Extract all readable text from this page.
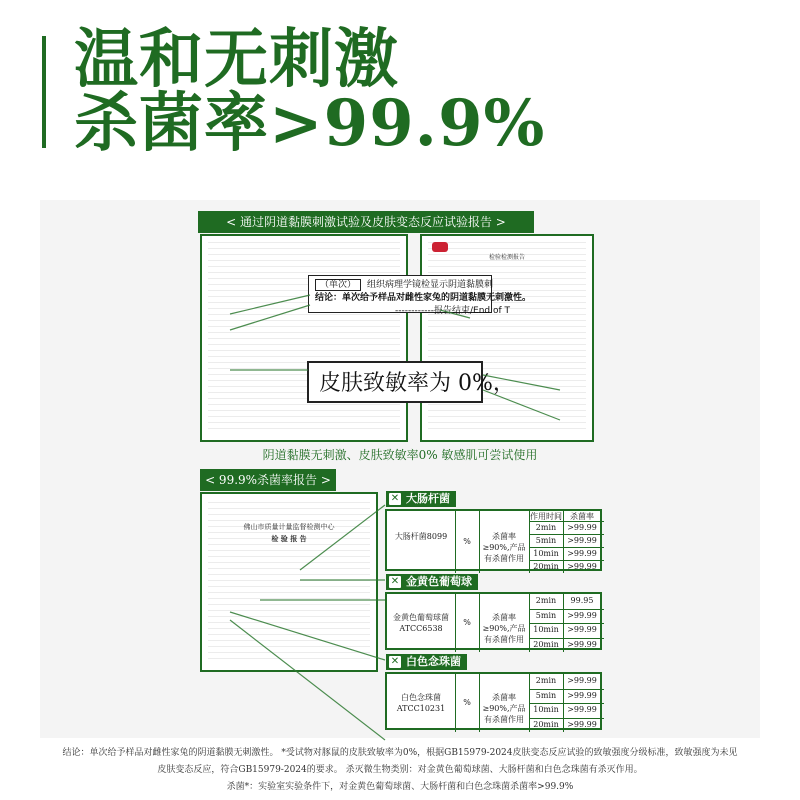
温和无刺激
杀菌率>99.9%
< 通过阴道黏膜刺激试验及皮肤变态反应试验报告 >
检验检测报告
（单次） 组织病理学镜检显示阴道黏膜刺
结论：单次给予样品对雌性家兔的阴道黏膜无刺激性。
------------报告结束/End of T
皮肤致敏率为 0%，
阴道黏膜无刺激、皮肤致敏率0% 敏感肌可尝试使用
< 99.9%杀菌率报告 >
佛山市质量计量监督检测中心
检 验 报 告
✕ 大肠杆菌
作用时间	杀菌率
大肠杆菌8099
%
杀菌率≥90%,产品有杀菌作用
2min	>99.99
5min	>99.99
10min	>99.99
20min	>99.99
✕ 金黄色葡萄球
金黄色葡萄球菌ATCC6538
%
杀菌率≥90%,产品有杀菌作用
2min	99.95
5min	>99.99
10min	>99.99
20min	>99.99
✕ 白色念珠菌
白色念珠菌ATCC10231
%
杀菌率≥90%,产品有杀菌作用
2min	>99.99
5min	>99.99
10min	>99.99
20min	>99.99
结论：单次给予样品对雌性家兔的阴道黏膜无刺激性。 *受试物对豚鼠的皮肤致敏率为0%，根据GB15979-2024皮肤变态反应试验的致敏强度分级标准，致敏强度为未见
皮肤变态反应，符合GB15979-2024的要求。 杀灭微生物类别：对金黄色葡萄球菌、大肠杆菌和白色念珠菌有杀灭作用。
杀菌*：实验室实验条件下，对金黄色葡萄球菌、大肠杆菌和白色念珠菌杀菌率>99.9%
